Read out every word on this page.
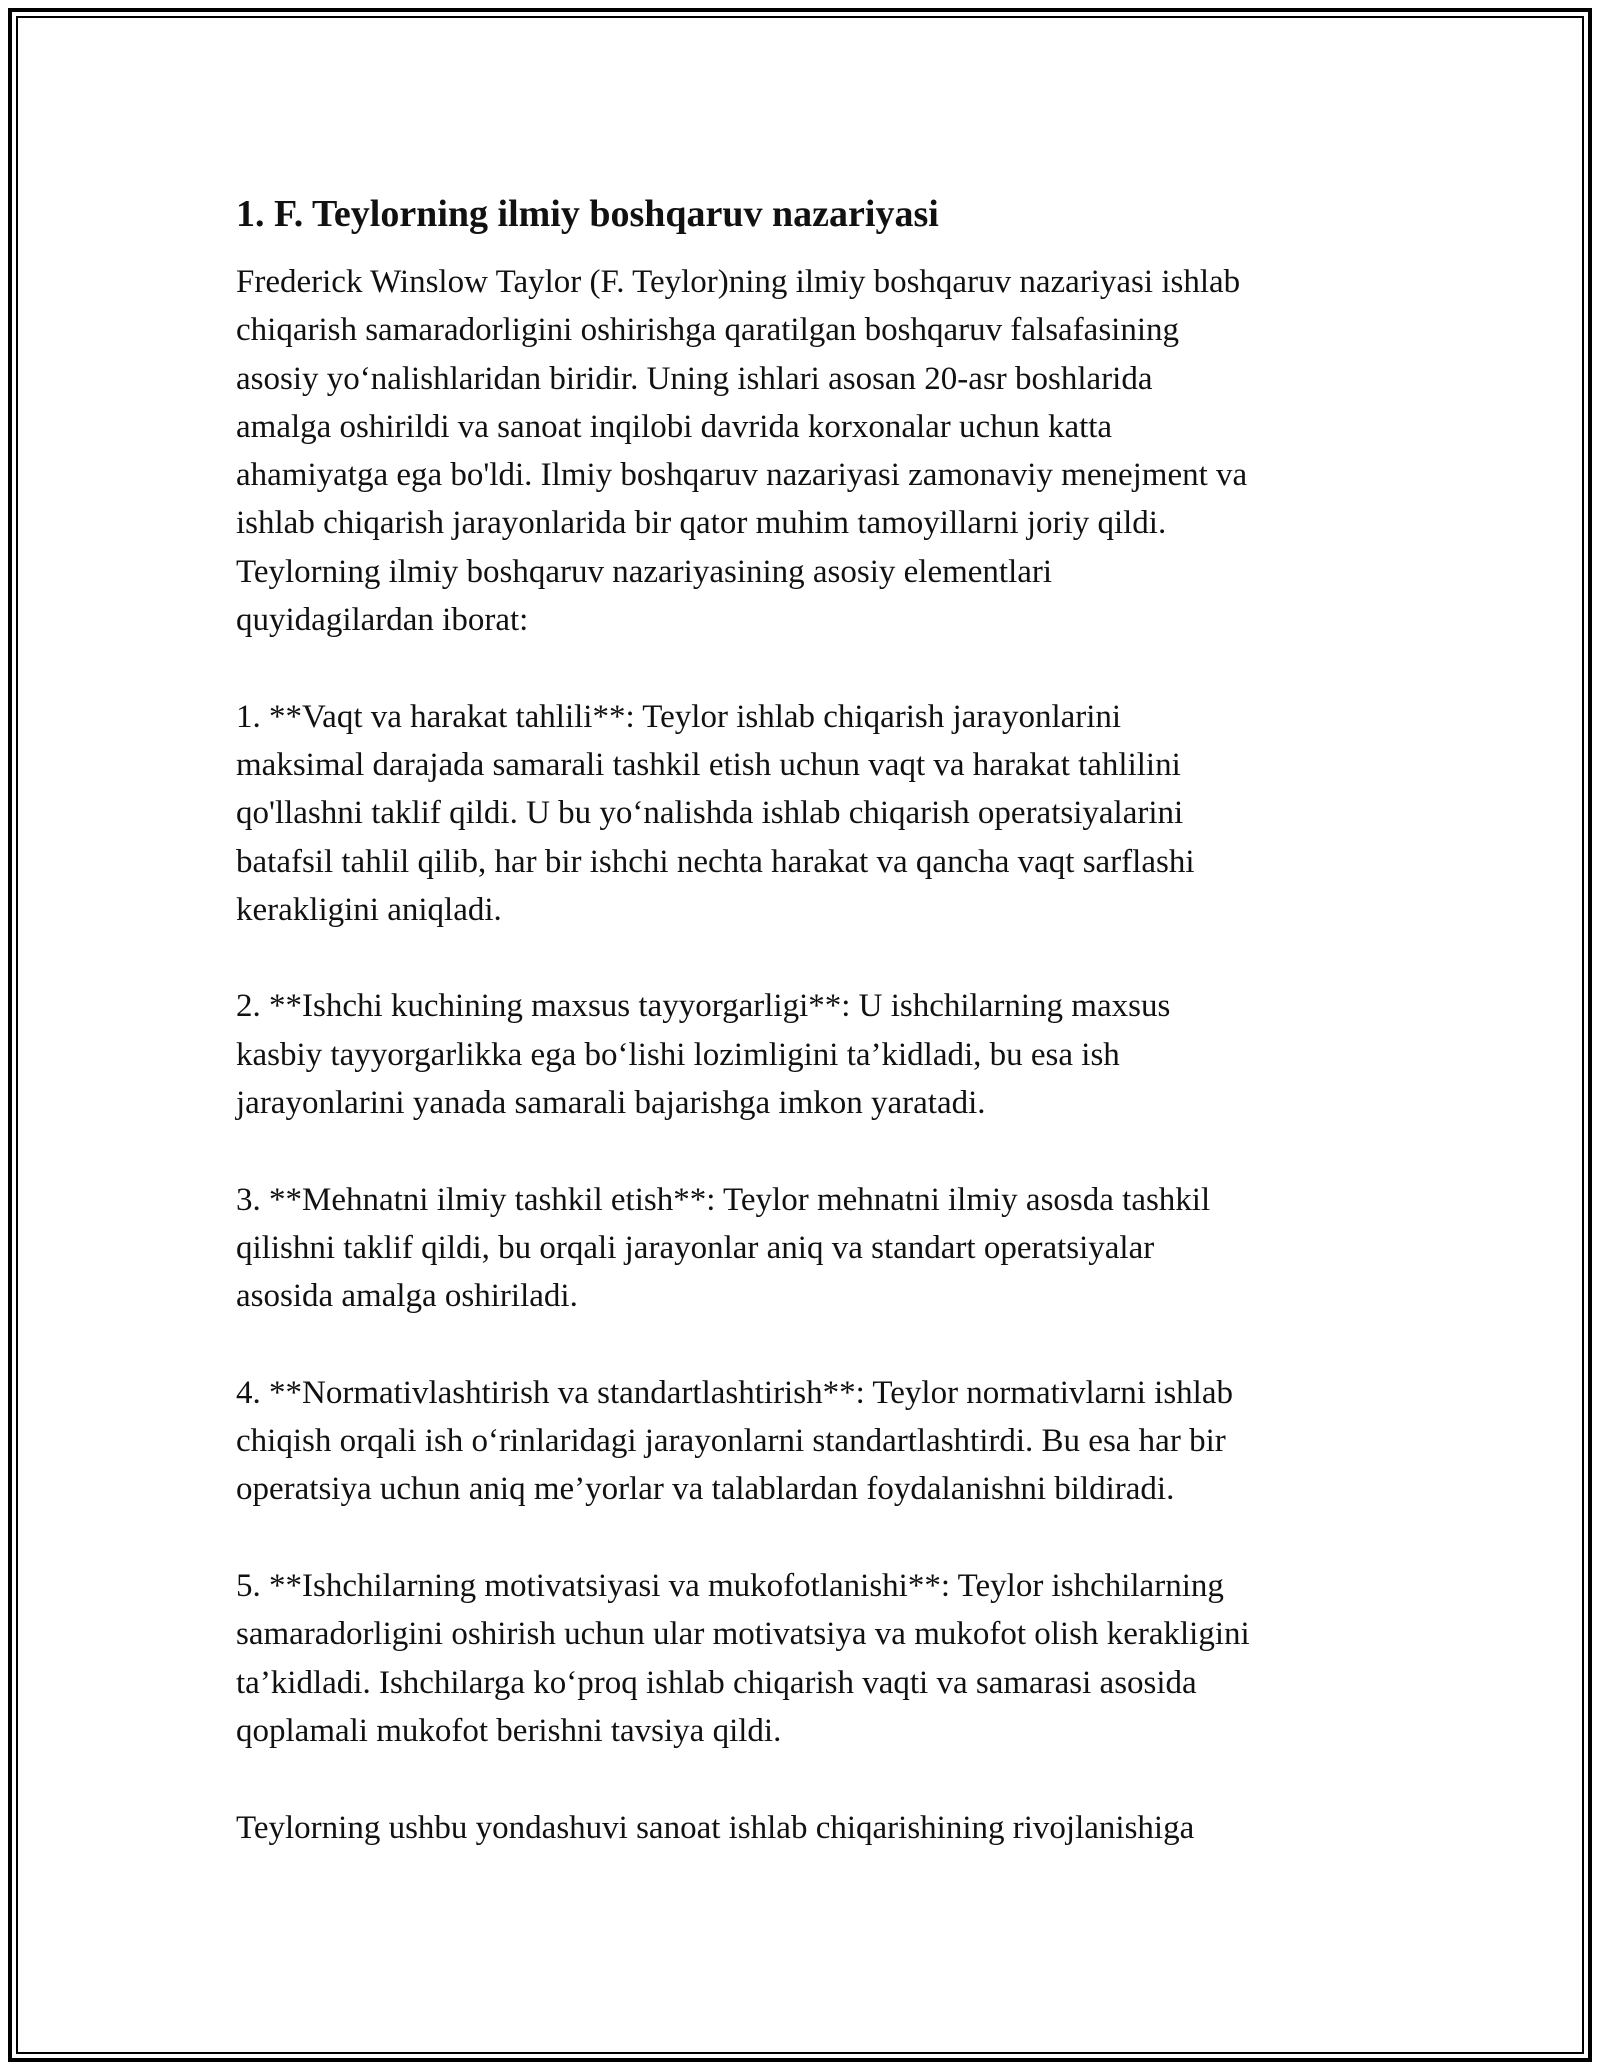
1. F. Teylorning ilmiy boshqaruv nazariyasi
Frederick Winslow Taylor (F. Teylor)ning ilmiy boshqaruv nazariyasi ishlab
chiqarish samaradorligini oshirishga qaratilgan boshqaruv falsafasining
asosiy yo‘nalishlaridan biridir. Uning ishlari asosan 20-asr boshlarida
amalga oshirildi va sanoat inqilobi davrida korxonalar uchun katta
ahamiyatga ega bo'ldi. Ilmiy boshqaruv nazariyasi zamonaviy menejment va
ishlab chiqarish jarayonlarida bir qator muhim tamoyillarni joriy qildi.
Teylorning ilmiy boshqaruv nazariyasining asosiy elementlari
quyidagilardan iborat:
1. **Vaqt va harakat tahlili**: Teylor ishlab chiqarish jarayonlarini
maksimal darajada samarali tashkil etish uchun vaqt va harakat tahlilini
qo'llashni taklif qildi. U bu yo‘nalishda ishlab chiqarish operatsiyalarini
batafsil tahlil qilib, har bir ishchi nechta harakat va qancha vaqt sarflashi
kerakligini aniqladi.
2. **Ishchi kuchining maxsus tayyorgarligi**: U ishchilarning maxsus
kasbiy tayyorgarlikka ega bo‘lishi lozimligini ta’kidladi, bu esa ish
jarayonlarini yanada samarali bajarishga imkon yaratadi.
3. **Mehnatni ilmiy tashkil etish**: Teylor mehnatni ilmiy asosda tashkil
qilishni taklif qildi, bu orqali jarayonlar aniq va standart operatsiyalar
asosida amalga oshiriladi.
4. **Normativlashtirish va standartlashtirish**: Teylor normativlarni ishlab
chiqish orqali ish o‘rinlaridagi jarayonlarni standartlashtirdi. Bu esa har bir
operatsiya uchun aniq me’yorlar va talablardan foydalanishni bildiradi.
5. **Ishchilarning motivatsiyasi va mukofotlanishi**: Teylor ishchilarning
samaradorligini oshirish uchun ular motivatsiya va mukofot olish kerakligini
ta’kidladi. Ishchilarga ko‘proq ishlab chiqarish vaqti va samarasi asosida
qoplamali mukofot berishni tavsiya qildi.
Teylorning ushbu yondashuvi sanoat ishlab chiqarishining rivojlanishiga
